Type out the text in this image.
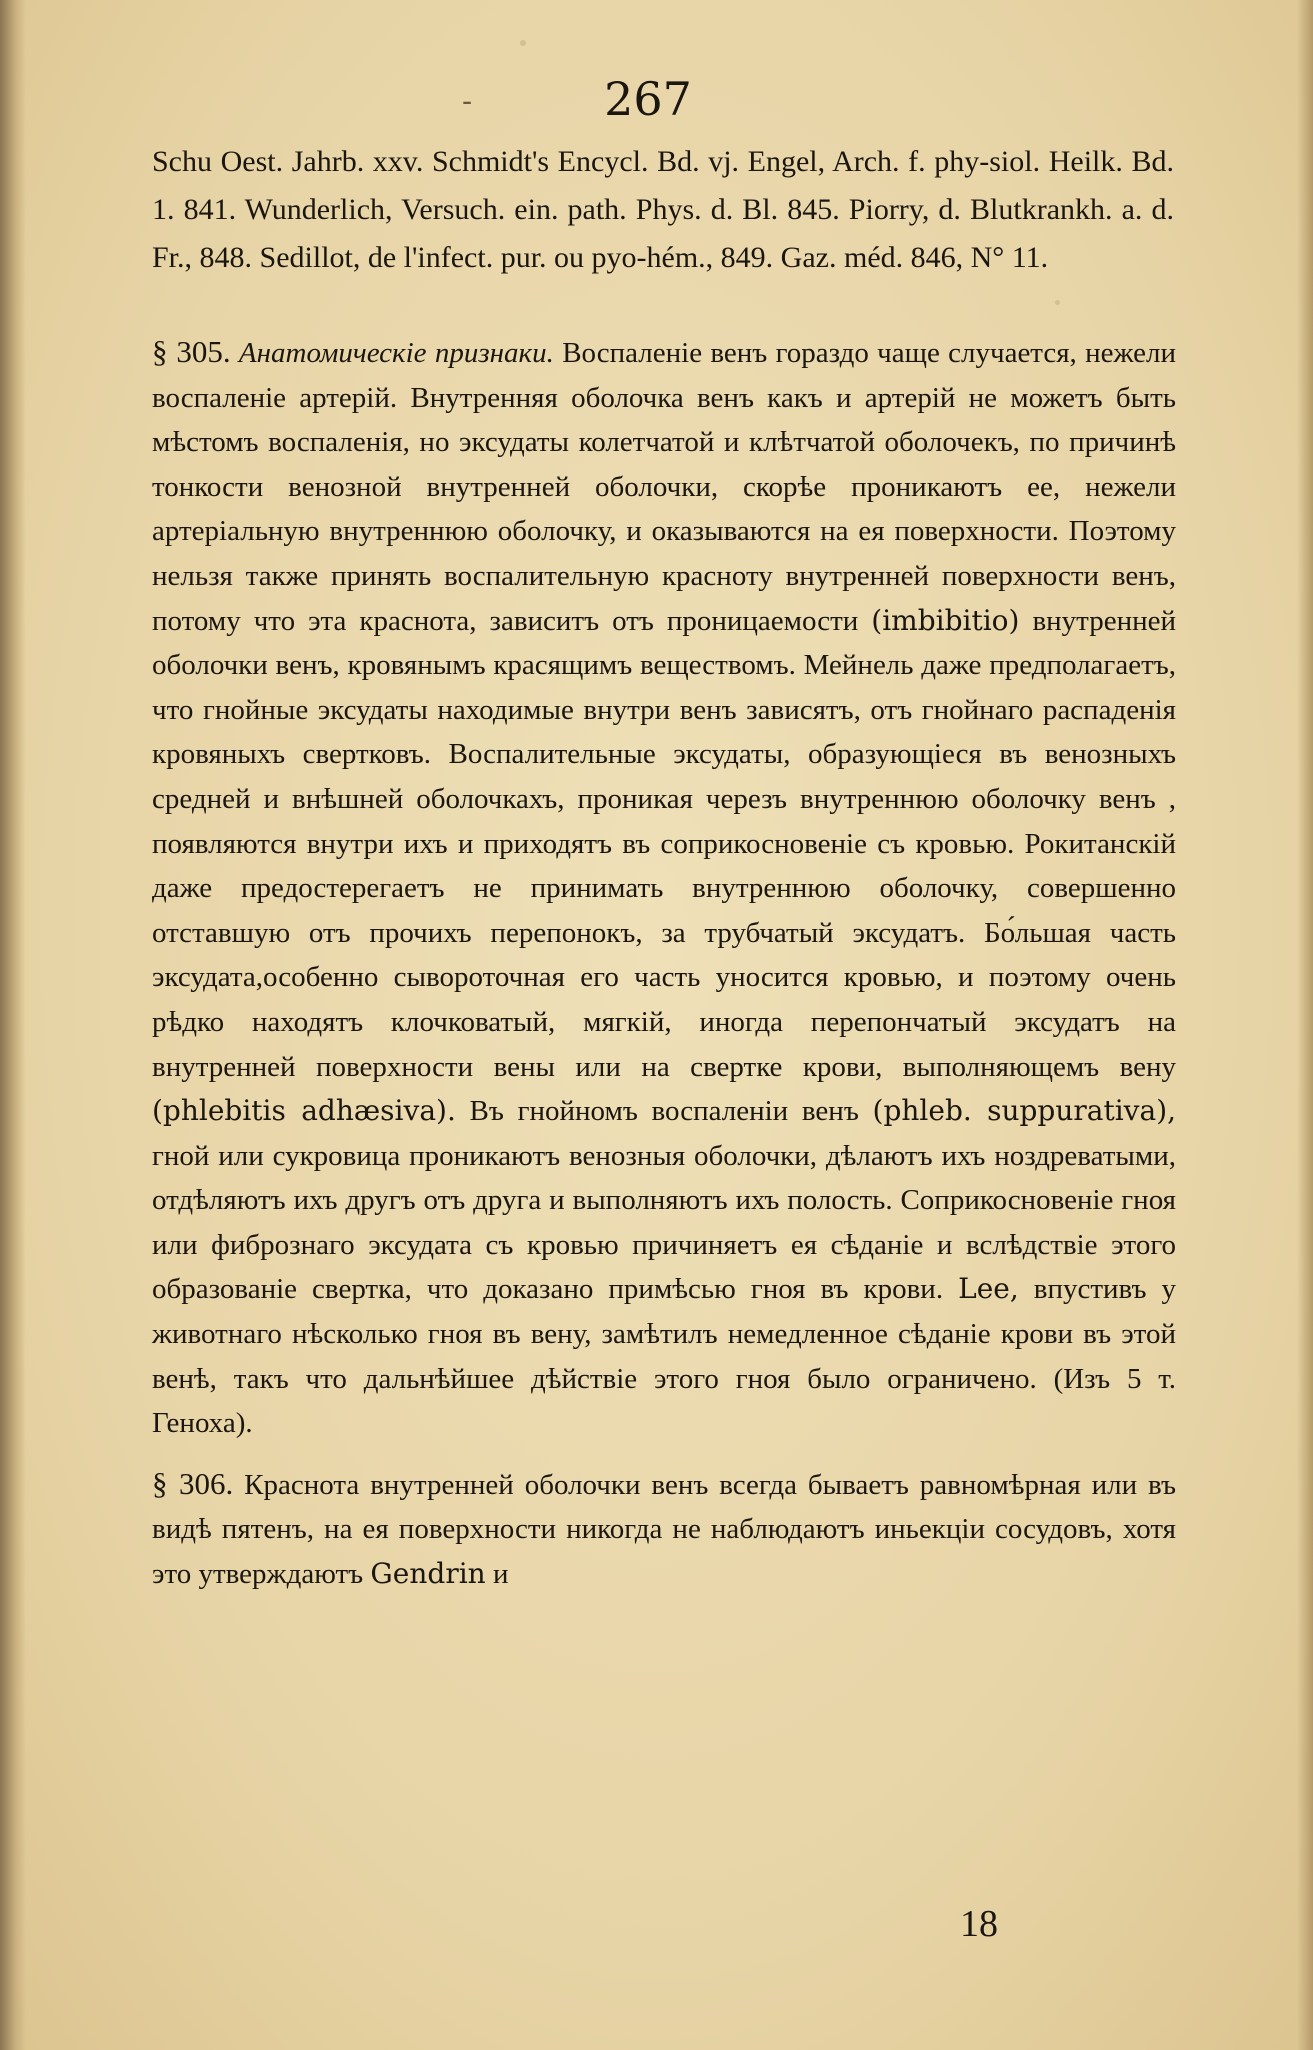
-	267
Schu Oest. Jahrb. xxv. Schmidt's Encycl. Bd. vj. Engel, Arch. f. phy-siol. Heilk. Bd. 1. 841. Wunderlich, Versuch. ein. path. Phys. d. Bl. 845. Piorry, d. Blutkrankh. a. d. Fr., 848. Sedillot, de l'infect. pur. ou pyo-hém., 849. Gaz. méd. 846, N° 11.

§ 305. Анатомическіе признаки. Воспаленіе венъ гораздо чаще случается, нежели воспаленіе артерій. Внутренняя оболочка венъ какъ и артерій не можетъ быть мѣстомъ воспаленія, но эксудаты колетчатой и клѣтчатой оболочекъ, по причинѣ тонкости венозной внутренней оболочки, скорѣе проникаютъ ее, нежели артеріальную внутреннюю оболочку, и оказываются на ея поверхности. Поэтому нельзя также принять воспалительную красноту внутренней поверхности венъ, потому что эта краснота, зависитъ отъ проницаемости (imbibitio) внутренней оболочки венъ, кровянымъ красящимъ веществомъ. Мейнель даже предполагаетъ, что гнойные эксудаты находимые внутри венъ зависятъ, отъ гнойнаго распаденія кровяныхъ свертковъ. Воспалительные эксудаты, образующіеся въ венозныхъ средней и внѣшней оболочкахъ, проникая черезъ внутреннюю оболочку венъ , появляются внутри ихъ и приходятъ въ соприкосновеніе съ кровью. Рокитанскій даже предостерегаетъ не принимать внутреннюю оболочку, совершенно отставшую отъ прочихъ перепонокъ, за трубчатый эксудатъ. Бо́льшая часть эксудата,особенно сывороточная его часть уносится кровью, и поэтому очень рѣдко находятъ клочковатый, мягкій, иногда перепончатый эксудатъ на внутренней поверхности вены или на свертке крови, выполняющемъ вену (phlebitis adhæsiva). Въ гнойномъ воспаленіи венъ (phleb. suppurativa), гной или сукровица проникаютъ венозныя оболочки, дѣлаютъ ихъ ноздреватыми, отдѣляютъ ихъ другъ отъ друга и выполняютъ ихъ полость. Соприкосновеніе гноя или фибрознаго эксудата съ кровью причиняетъ ея сѣданіе и вслѣдствіе этого образованіе свертка, что доказано примѣсью гноя въ крови. Lee, впустивъ у животнаго нѣсколько гноя въ вену, замѣтилъ немедленное сѣданіе крови въ этой венѣ, такъ что дальнѣйшее дѣйствіе этого гноя было ограничено. (Изъ 5 т. Геноха).

§ 306. Краснота внутренней оболочки венъ всегда бываетъ равномѣрная или въ видѣ пятенъ, на ея поверхности никогда не наблюдаютъ иньекціи сосудовъ, хотя это утверждаютъ Gendrin и

18
